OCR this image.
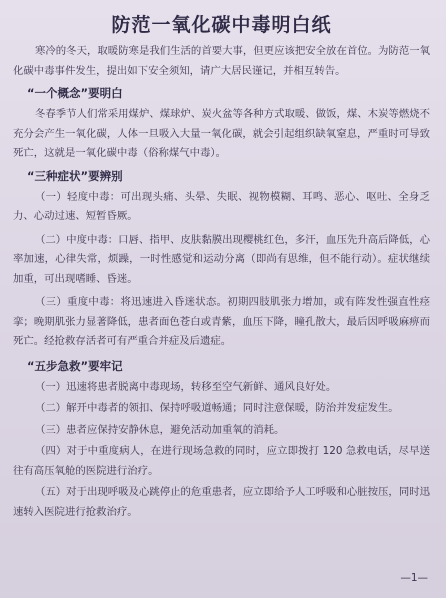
防范一氧化碳中毒明白纸

寒冷的冬天，取暖防寒是我们生活的首要大事，但更应该把安全放在首位。为防范一氧化碳中毒事件发生，提出如下安全须知，请广大居民谨记，并相互转告。

“一个概念”要明白

冬春季节人们常采用煤炉、煤球炉、炭火盆等各种方式取暖、做饭，煤、木炭等燃烧不充分会产生一氧化碳，人体一旦吸入大量一氧化碳，就会引起组织缺氧窒息，严重时可导致死亡，这就是一氧化碳中毒（俗称煤气中毒）。

“三种症状”要辨别

（一）轻度中毒：可出现头痛、头晕、失眠、视物模糊、耳鸣、恶心、呕吐、全身乏力、心动过速、短暂昏厥。

（二）中度中毒：口唇、指甲、皮肤黏膜出现樱桃红色，多汗，血压先升高后降低，心率加速，心律失常，烦躁，一时性感觉和运动分离（即尚有思维，但不能行动）。症状继续加重，可出现嗜睡、昏迷。

（三）重度中毒：将迅速进入昏迷状态。初期四肢肌张力增加，或有阵发性强直性痉挛；晚期肌张力显著降低，患者面色苍白或青紫，血压下降，瞳孔散大，最后因呼吸麻痹而死亡。经抢救存活者可有严重合并症及后遗症。

“五步急救”要牢记

（一）迅速将患者脱离中毒现场，转移至空气新鲜、通风良好处。

（二）解开中毒者的领扣、保持呼吸道畅通；同时注意保暖，防治并发症发生。

（三）患者应保持安静休息，避免活动加重氧的消耗。

（四）对于中重度病人，在进行现场急救的同时，应立即拨打 120 急救电话，尽早送往有高压氧舱的医院进行治疗。

（五）对于出现呼吸及心跳停止的危重患者，应立即给予人工呼吸和心脏按压，同时迅速转入医院进行抢救治疗。

—1—
